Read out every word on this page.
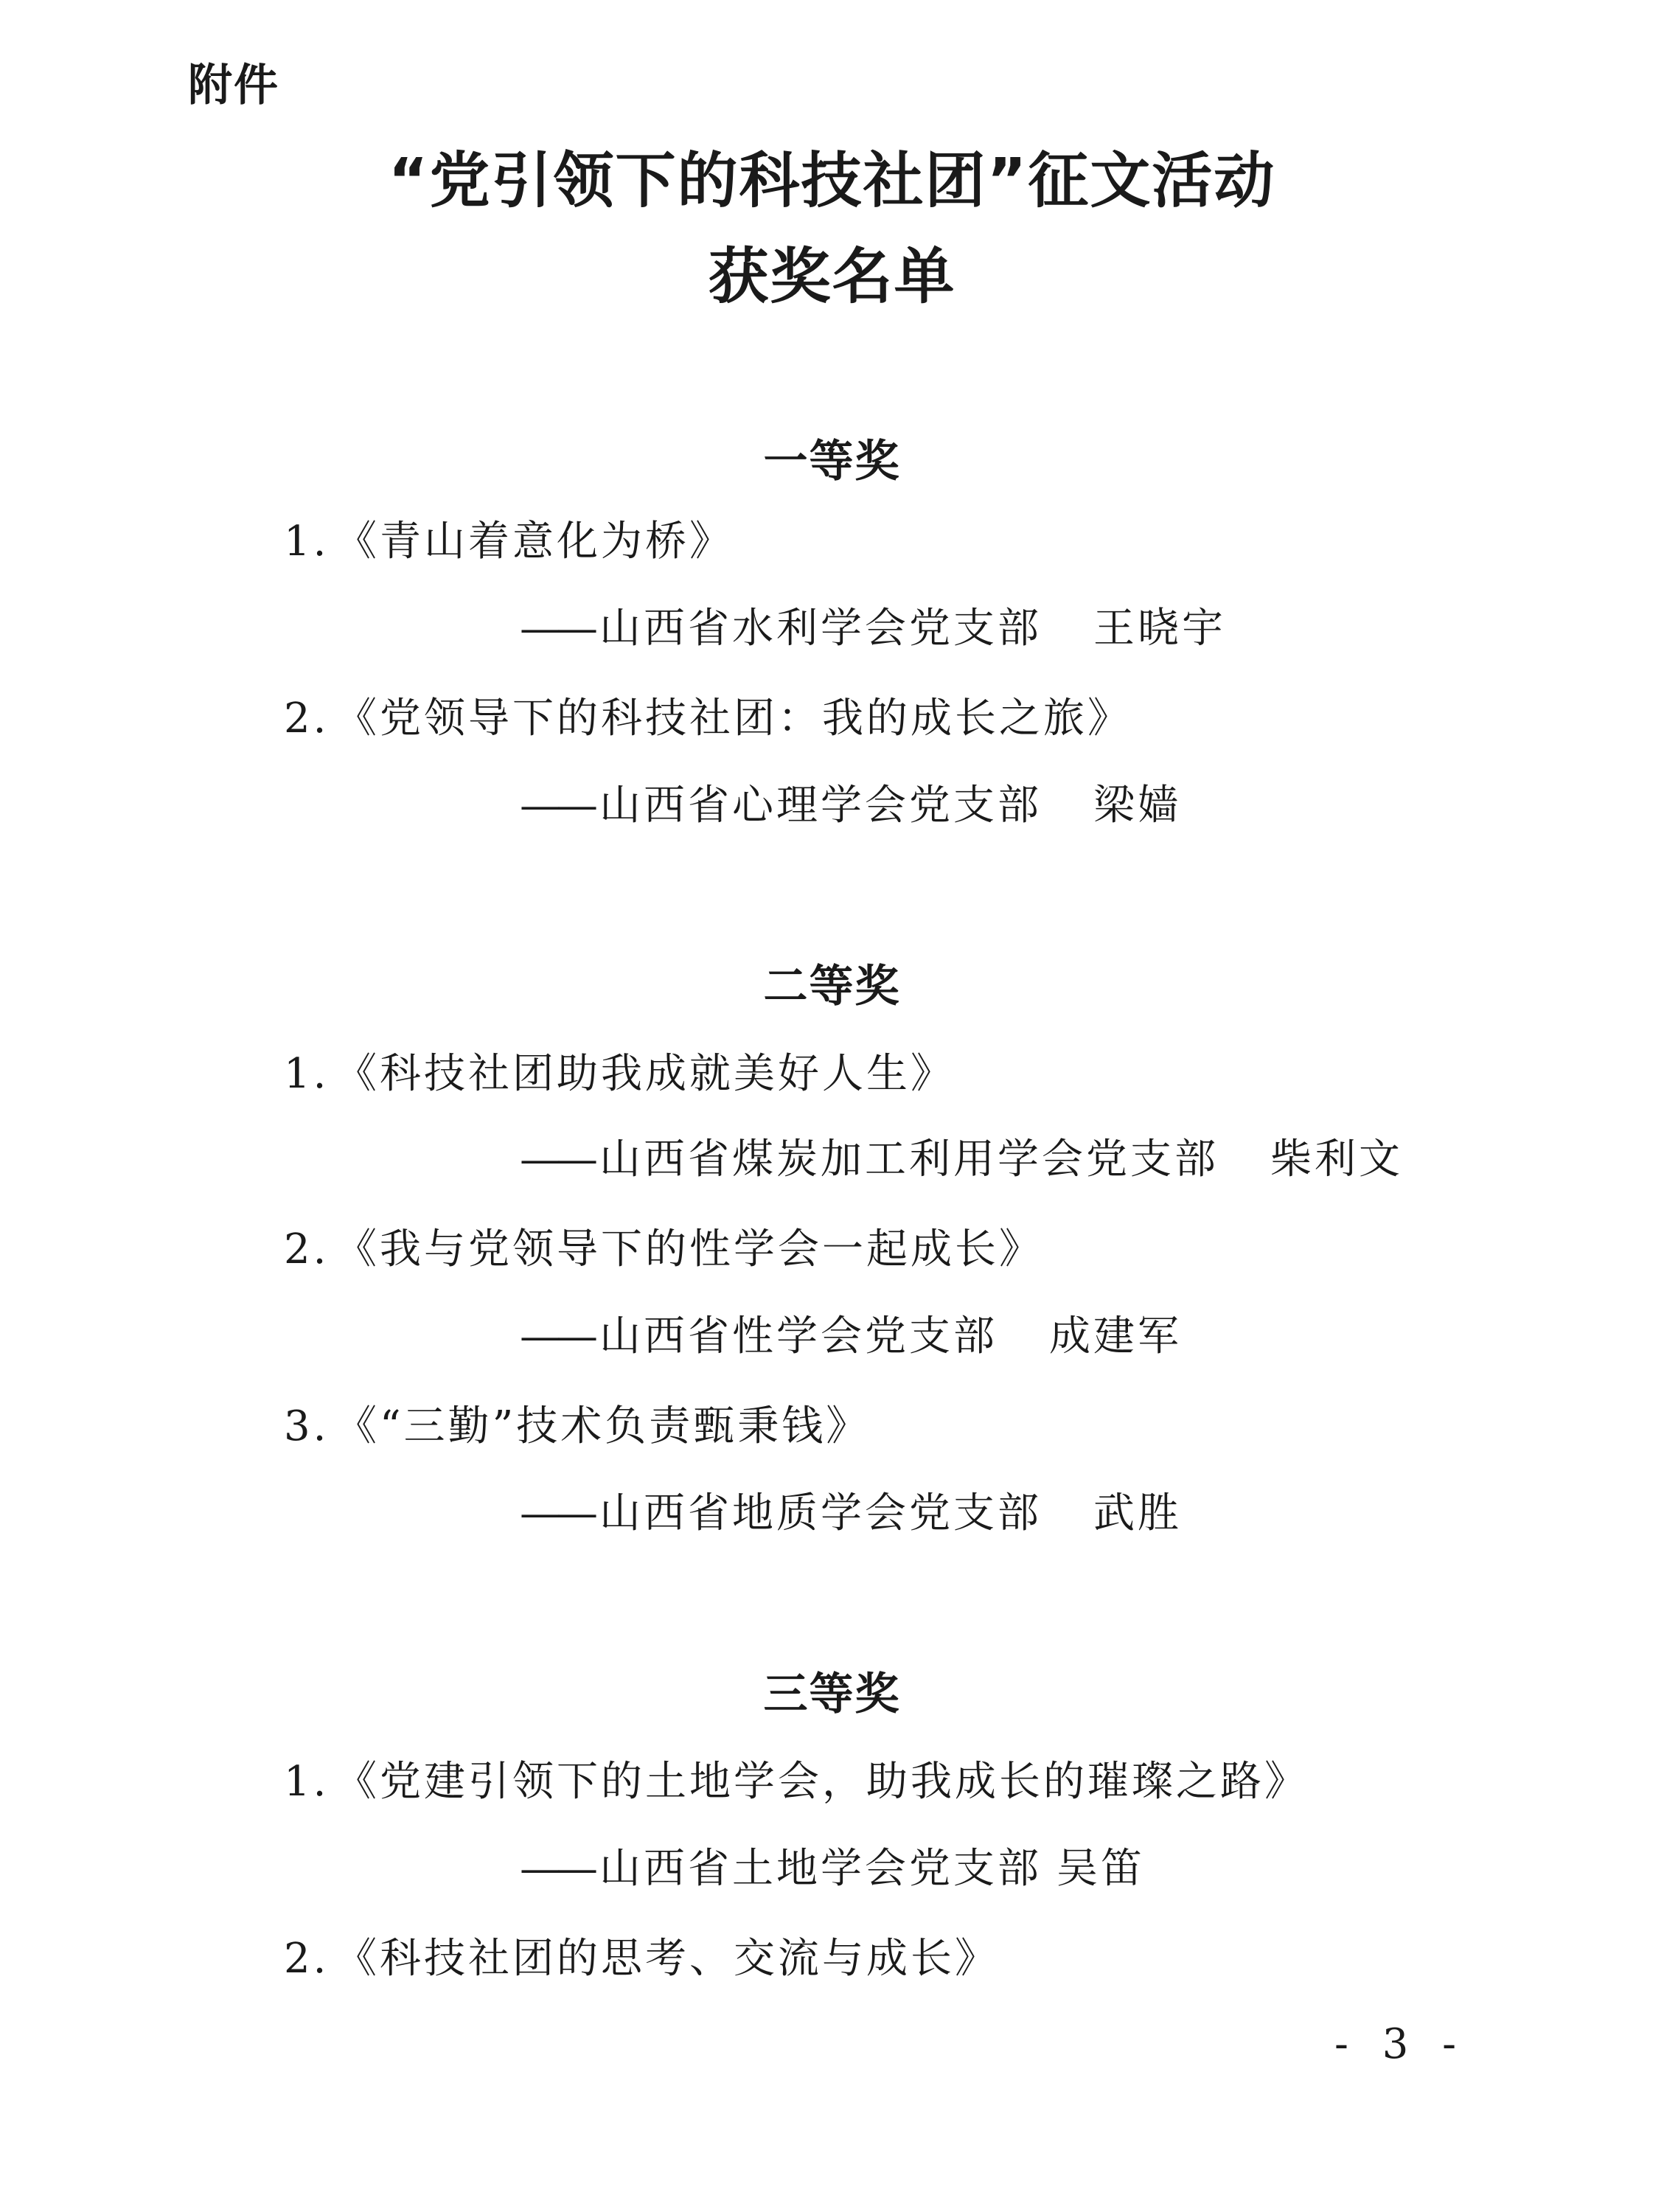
附件
“党引领下的科技社团”征文活动
获奖名单
一等奖
1. 《青山着意化为桥》
—— 山西省水利学会党支部 王晓宇
2. 《党领导下的科技社团：我的成长之旅》
—— 山西省心理学会党支部 梁嫱
二等奖
1. 《科技社团助我成就美好人生》
—— 山西省煤炭加工利用学会党支部 柴利文
2. 《我与党领导下的性学会一起成长》
—— 山西省性学会党支部 成建军
3. 《“三勤”技术负责甄秉钱》
—— 山西省地质学会党支部 武胜
三等奖
1. 《党建引领下的土地学会，助我成长的璀璨之路》
—— 山西省土地学会党支部 吴笛
2. 《科技社团的思考、交流与成长》
- 3 -
